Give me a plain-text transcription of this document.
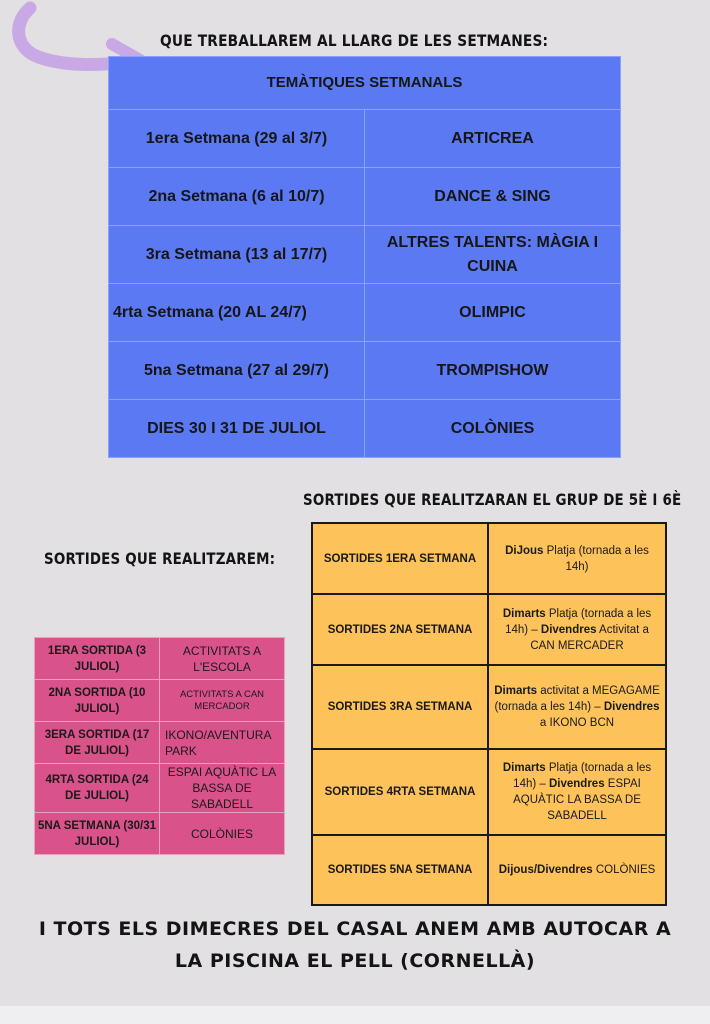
QUE TREBALLAREM AL LLARG DE LES SETMANES:
TEMÀTIQUES SETMANALS	
1era Setmana (29 al 3/7)	ARTICREA
2na Setmana (6 al 10/7)	DANCE & SING
3ra Setmana (13 al 17/7)	ALTRES TALENTS: MÀGIA I CUINA
4rta Setmana (20 AL 24/7)	OLIMPIC
5na Setmana (27 al 29/7)	TROMPISHOW
DIES 30 I 31 DE JULIOL	COLÒNIES
SORTIDES QUE REALITZARAN EL GRUP DE 5È I 6È
SORTIDES QUE REALITZAREM:
1ERA SORTIDA (3 JULIOL)	ACTIVITATS A L'ESCOLA
2NA SORTIDA (10 JULIOL)	ACTIVITATS A CAN MERCADOR
3ERA SORTIDA (17 DE JULIOL)	IKONO/AVENTURA PARK
4RTA SORTIDA (24 DE JULIOL)	ESPAI AQUÀTIC LA BASSA DE SABADELL
5NA SETMANA (30/31 JULIOL)	COLÒNIES
SORTIDES 1ERA SETMANA	DiJous Platja (tornada a les 14h)
SORTIDES 2NA SETMANA	Dimarts Platja (tornada a les 14h) – Divendres Activitat a CAN MERCADER
SORTIDES 3RA SETMANA	Dimarts activitat a MEGAGAME (tornada a les 14h) – Divendres a IKONO BCN
SORTIDES 4RTA SETMANA	Dimarts Platja (tornada a les 14h) – Divendres ESPAI AQUÀTIC LA BASSA DE SABADELL
SORTIDES 5NA SETMANA	Dijous/Divendres COLÒNIES
I TOTS ELS DIMECRES DEL CASAL ANEM AMB AUTOCAR A LA PISCINA EL PELL (CORNELLÀ)
